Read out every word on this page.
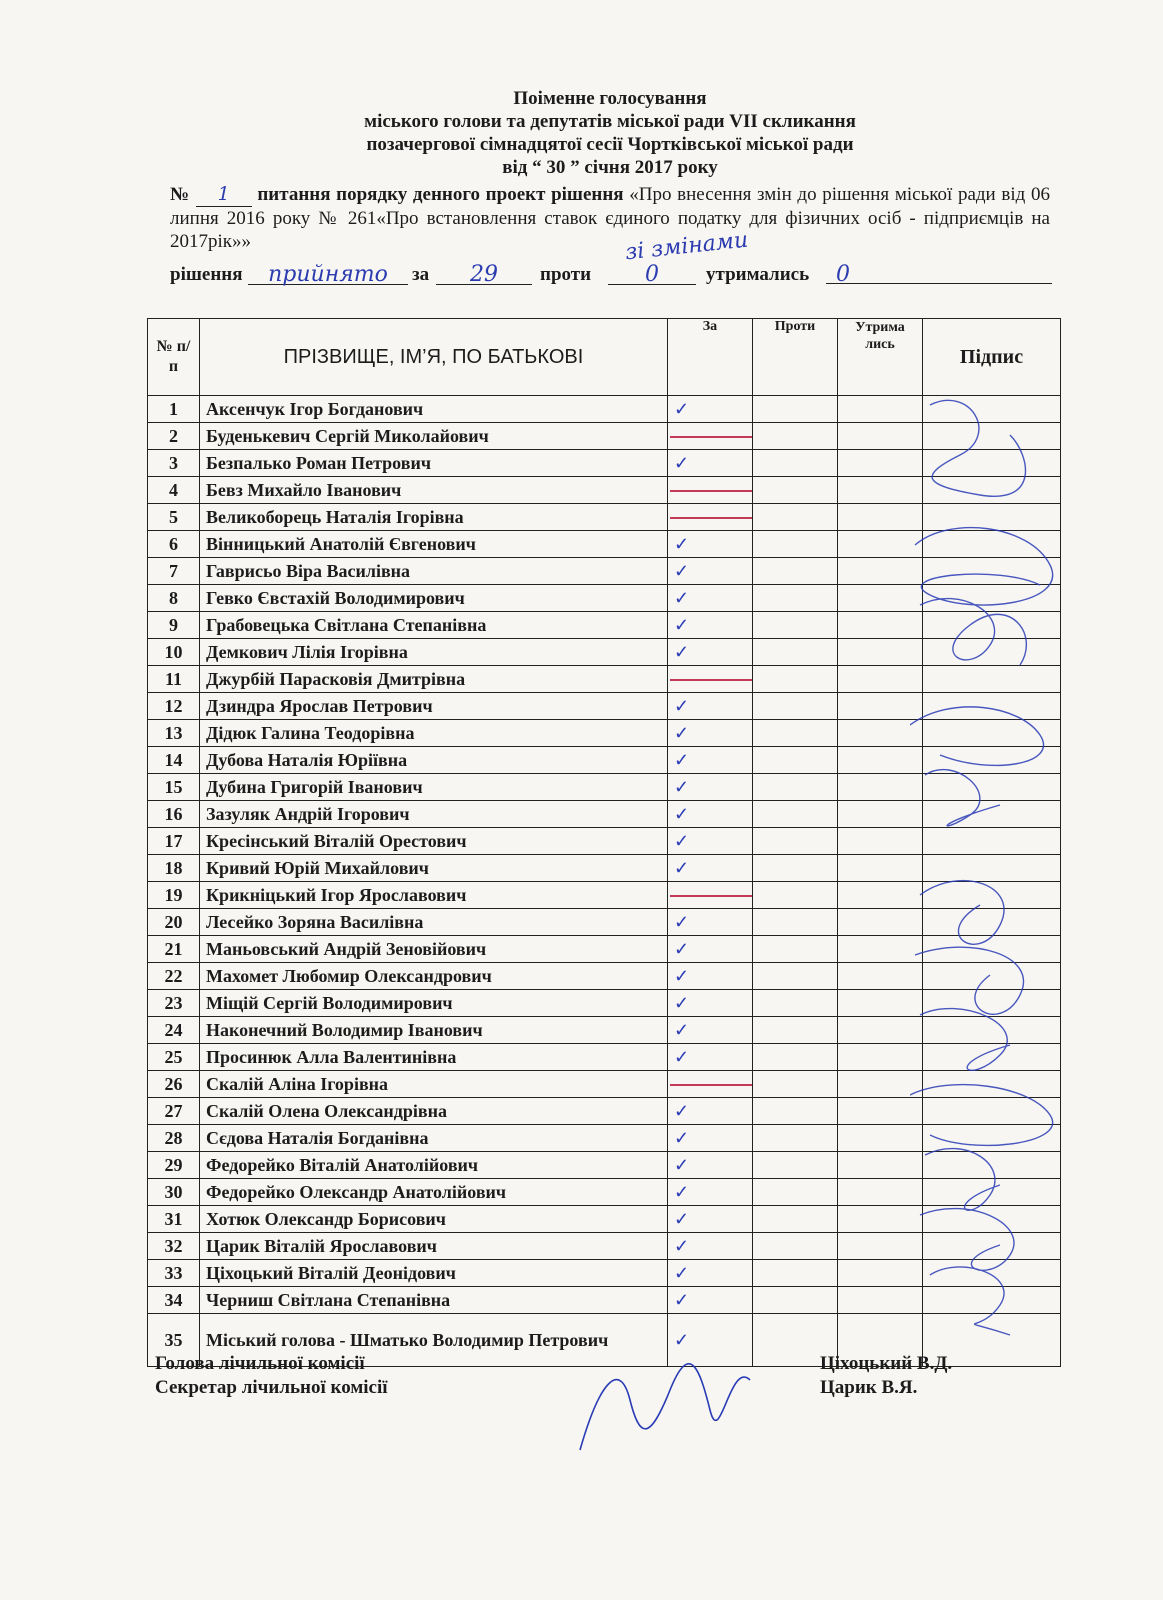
Поіменне голосування
міського голови та депутатів міської ради VII скликання
позачергової сімнадцятої сесії Чортківської міської ради
від “ 30 ” січня 2017 року
№ 1 питання порядку денного проект рішення «Про внесення змін до рішення міської ради від 06 липня 2016 року № 261«Про встановлення ставок єдиного податку для фізичних осіб - підприємців на 2017рік»»	зі змінами
рішення	прийнято	за	29	проти	0	утримались	0
№ п/п	ПРІЗВИЩЕ, ІМ’Я, ПО БАТЬКОВІ	За	Проти	Утрима лись	Підпис
1	Аксенчук Ігор Богданович	✓			
2	Буденькевич Сергій Миколайович	

3	Безпалько Роман Петрович	✓			
4	Бевз Михайло Іванович	

5	Великоборець Наталія Ігорівна	

6	Вінницький Анатолій Євгенович	✓			
7	Гаврисьо Віра Василівна	✓			
8	Гевко Євстахій Володимирович	✓			
9	Грабовецька Світлана Степанівна	✓			
10	Демкович Лілія Ігорівна	✓			
11	Джурбій Парасковія Дмитрівна	

12	Дзиндра Ярослав Петрович	✓			
13	Дідюк Галина Теодорівна	✓			
14	Дубова Наталія Юріївна	✓			
15	Дубина Григорій Іванович	✓			
16	Зазуляк Андрій Ігорович	✓			
17	Кресінський Віталій Орестович	✓			
18	Кривий Юрій Михайлович	✓			
19	Крикніцький Ігор Ярославович	

20	Лесейко Зоряна Василівна	✓			
21	Маньовський Андрій Зеновійович	✓			
22	Махомет Любомир Олександрович	✓			
23	Міщій Сергій Володимирович	✓			
24	Наконечний Володимир Іванович	✓			
25	Просинюк Алла Валентинівна	✓			
26	Скалій Аліна Ігорівна	

27	Скалій Олена Олександрівна	✓			
28	Сєдова Наталія Богданівна	✓			
29	Федорейко Віталій Анатолійович	✓			
30	Федорейко Олександр Анатолійович	✓			
31	Хотюк Олександр Борисович	✓			
32	Царик Віталій Ярославович	✓			
33	Ціхоцький Віталій Деонідович	✓			
34	Черниш Світлана Степанівна	✓			
35	Міський голова - Шматько Володимир Петрович	✓			
Голова лічильної комісії
Секретар лічильної комісії
Ціхоцький В.Д.
Царик В.Я.
